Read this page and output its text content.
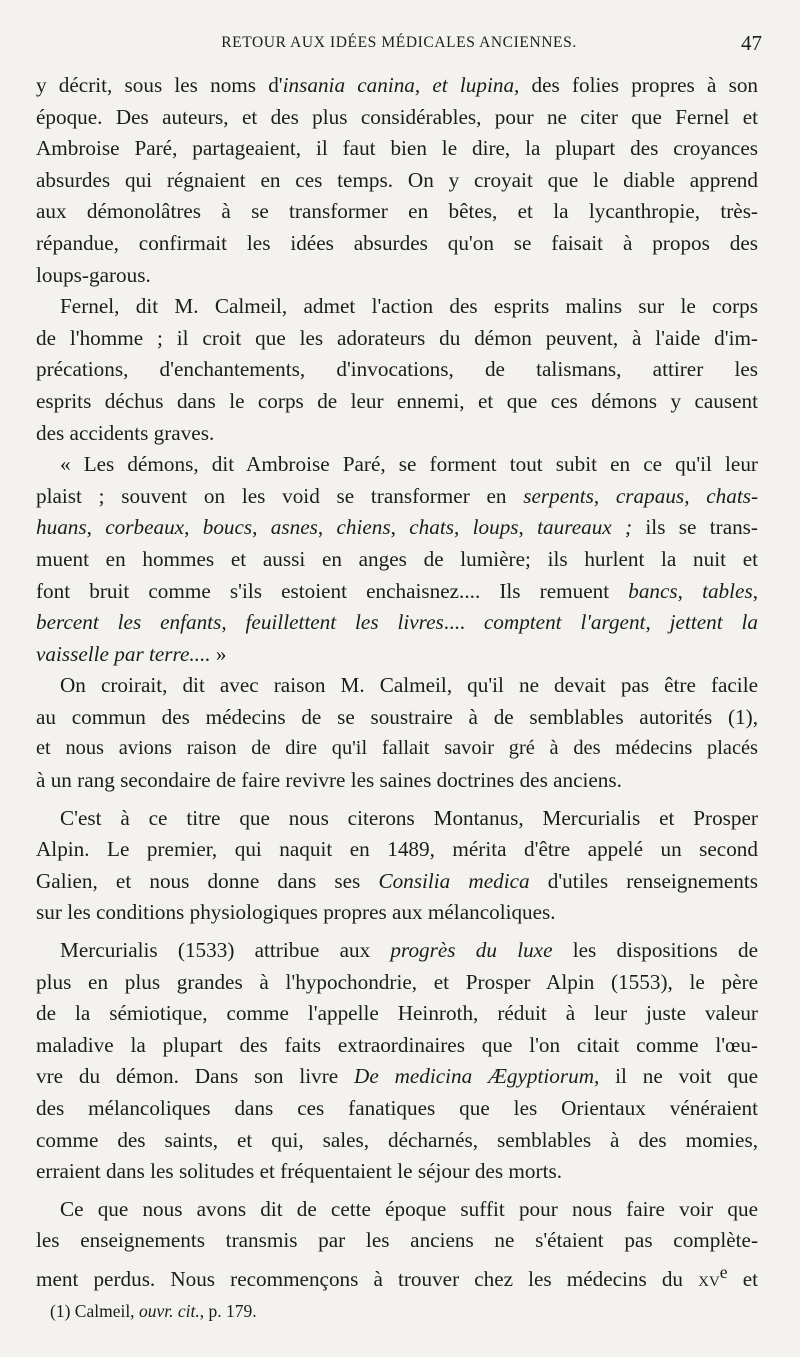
RETOUR AUX IDÉES MÉDICALES ANCIENNES.	47
y décrit, sous les noms d'insania canina, et lupina, des folies propres à son
époque. Des auteurs, et des plus considérables, pour ne citer que Fernel et
Ambroise Paré, partageaient, il faut bien le dire, la plupart des croyances
absurdes qui régnaient en ces temps. On y croyait que le diable apprend
aux démonolâtres à se transformer en bêtes, et la lycanthropie, très-
répandue, confirmait les idées absurdes qu'on se faisait à propos des
loups-garous.
Fernel, dit M. Calmeil, admet l'action des esprits malins sur le corps
de l'homme ; il croit que les adorateurs du démon peuvent, à l'aide d'im-
précations, d'enchantements, d'invocations, de talismans, attirer les
esprits déchus dans le corps de leur ennemi, et que ces démons y causent
des accidents graves.
« Les démons, dit Ambroise Paré, se forment tout subit en ce qu'il leur
plaist ; souvent on les void se transformer en serpents, crapaus, chats-
huans, corbeaux, boucs, asnes, chiens, chats, loups, taureaux ; ils se trans-
muent en hommes et aussi en anges de lumière; ils hurlent la nuit et
font bruit comme s'ils estoient enchaisnez.... Ils remuent bancs, tables,
bercent les enfants, feuillettent les livres.... comptent l'argent, jettent la
vaisselle par terre.... »
On croirait, dit avec raison M. Calmeil, qu'il ne devait pas être facile
au commun des médecins de se soustraire à de semblables autorités (1),
et nous avions raison de dire qu'il fallait savoir gré à des médecins placés
à un rang secondaire de faire revivre les saines doctrines des anciens.
C'est à ce titre que nous citerons Montanus, Mercurialis et Prosper
Alpin. Le premier, qui naquit en 1489, mérita d'être appelé un second
Galien, et nous donne dans ses Consilia medica d'utiles renseignements
sur les conditions physiologiques propres aux mélancoliques.
Mercurialis (1533) attribue aux progrès du luxe les dispositions de
plus en plus grandes à l'hypochondrie, et Prosper Alpin (1553), le père
de la sémiotique, comme l'appelle Heinroth, réduit à leur juste valeur
maladive la plupart des faits extraordinaires que l'on citait comme l'œu-
vre du démon. Dans son livre De medicina Ægyptiorum, il ne voit que
des mélancoliques dans ces fanatiques que les Orientaux vénéraient
comme des saints, et qui, sales, décharnés, semblables à des momies,
erraient dans les solitudes et fréquentaient le séjour des morts.
Ce que nous avons dit de cette époque suffit pour nous faire voir que
les enseignements transmis par les anciens ne s'étaient pas complète-
ment perdus. Nous recommençons à trouver chez les médecins du $xv^e$ et
(1) Calmeil, ouvr. cit., p. 179.
